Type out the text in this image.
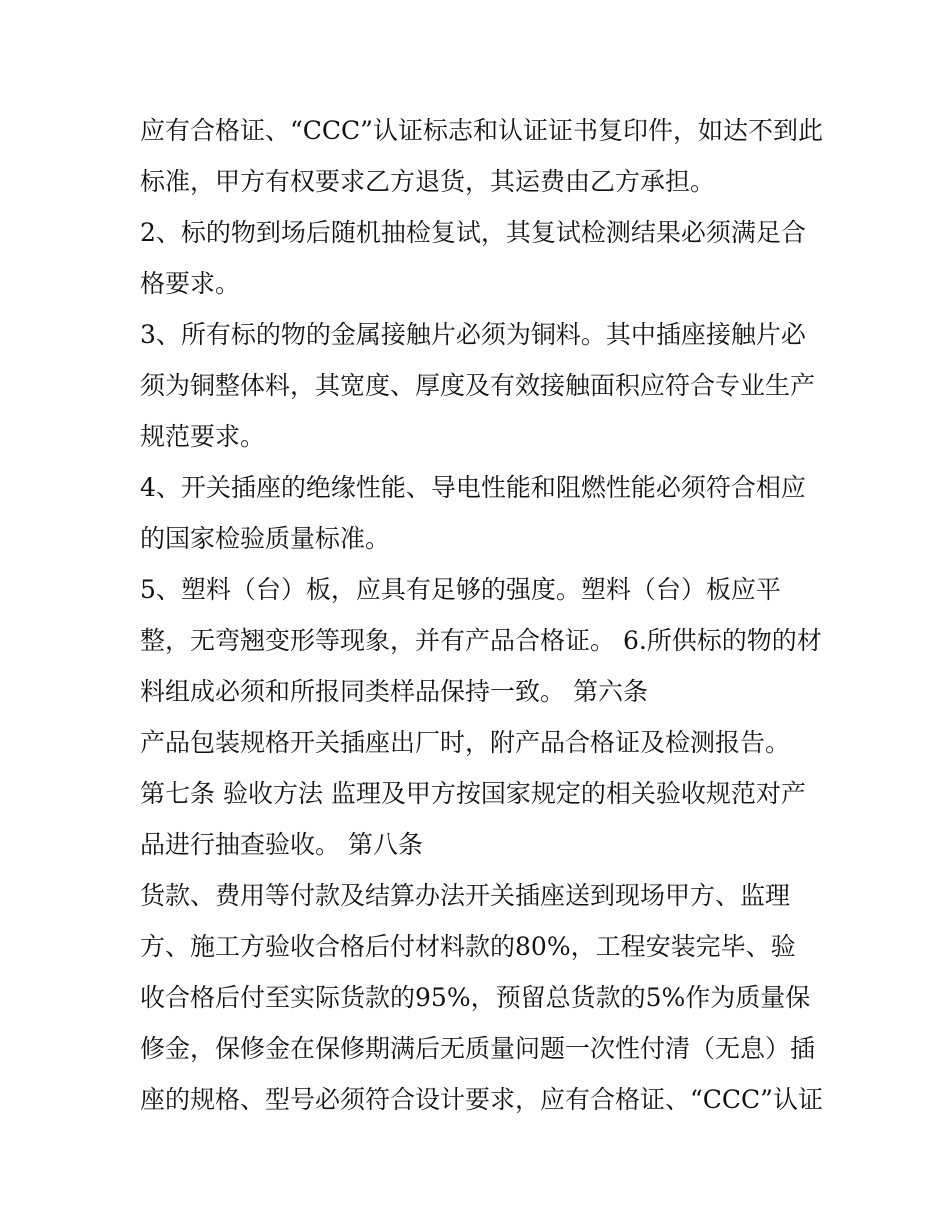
应有合格证、“CCC”认证标志和认证证书复印件，如达不到此
标准，甲方有权要求乙方退货，其运费由乙方承担。
2、标的物到场后随机抽检复试，其复试检测结果必须满足合
格要求。
3、所有标的物的金属接触片必须为铜料。其中插座接触片必
须为铜整体料，其宽度、厚度及有效接触面积应符合专业生产
规范要求。
4、开关插座的绝缘性能、导电性能和阻燃性能必须符合相应
的国家检验质量标准。
5、塑料（台）板，应具有足够的强度。塑料（台）板应平
整，无弯翘变形等现象，并有产品合格证。 6.所供标的物的材
料组成必须和所报同类样品保持一致。 第六条
产品包装规格开关插座出厂时，附产品合格证及检测报告。
第七条 验收方法 监理及甲方按国家规定的相关验收规范对产
品进行抽查验收。 第八条
货款、费用等付款及结算办法开关插座送到现场甲方、监理
方、施工方验收合格后付材料款的80%，工程安装完毕、验
收合格后付至实际货款的95%，预留总货款的5%作为质量保
修金，保修金在保修期满后无质量问题一次性付清（无息）插
座的规格、型号必须符合设计要求，应有合格证、“CCC”认证
